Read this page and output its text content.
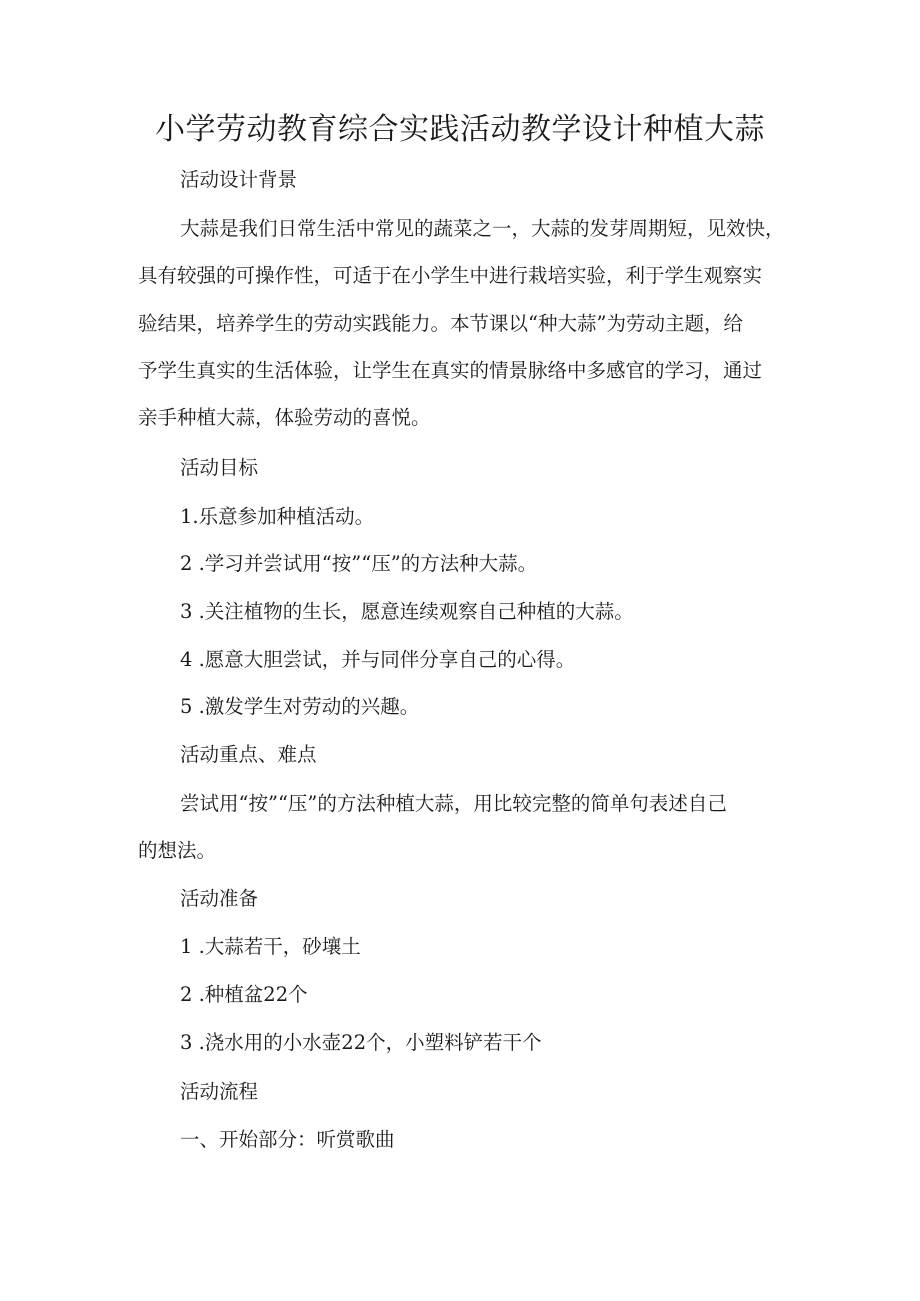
小学劳动教育综合实践活动教学设计种植大蒜
活动设计背景

大蒜是我们日常生活中常见的蔬菜之一，大蒜的发芽周期短，见效快，

具有较强的可操作性，可适于在小学生中进行栽培实验，利于学生观察实

验结果，培养学生的劳动实践能力。本节课以“种大蒜”为劳动主题，给

予学生真实的生活体验，让学生在真实的情景脉络中多感官的学习，通过

亲手种植大蒜，体验劳动的喜悦。

活动目标
1.乐意参加种植活动。
2 .学习并尝试用“按”“压”的方法种大蒜。
3 .关注植物的生长，愿意连续观察自己种植的大蒜。
4 .愿意大胆尝试，并与同伴分享自己的心得。
5 .激发学生对劳动的兴趣。
活动重点、难点

尝试用“按”“压”的方法种植大蒜，用比较完整的简单句表述自己

的想法。

活动准备
1 .大蒜若干，砂壤土
2 .种植盆22个
3 .浇水用的小水壶22个，小塑料铲若干个
活动流程
一、开始部分：听赏歌曲
